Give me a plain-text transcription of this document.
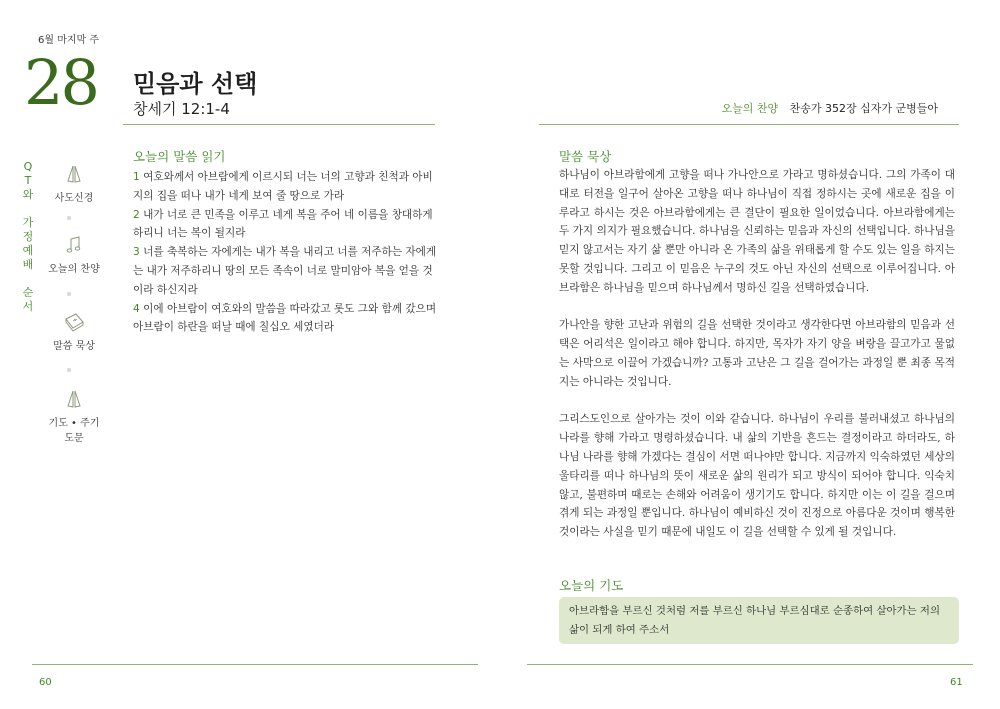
6월 마지막 주
28 믿음과 선택
창세기 12:1-4	오늘의 찬양 찬송가 352장 십자가 군병들아
Q
T
와
가
정
예
배
순
서
사도신경
오늘의 찬양
말씀 묵상
기도 • 주기도문
오늘의 말씀 읽기

1 여호와께서 아브람에게 이르시되 너는 너의 고향과 친척과 아비지의 집을 떠나 내가 네게 보여 줄 땅으로 가라

2 내가 너로 큰 민족을 이루고 네게 복을 주어 네 이름을 창대하게 하리니 너는 복이 될지라

3 너를 축복하는 자에게는 내가 복을 내리고 너를 저주하는 자에게는 내가 저주하리니 땅의 모든 족속이 너로 말미암아 복을 얻을 것이라 하신지라

4 이에 아브람이 여호와의 말씀을 따라갔고 롯도 그와 함께 갔으며 아브람이 하란을 떠날 때에 칠십오 세였더라

말씀 묵상

하나님이 아브라함에게 고향을 떠나 가나안으로 가라고 명하셨습니다. 그의 가족이 대대로 터전을 일구어 살아온 고향을 떠나 하나님이 직접 정하시는 곳에 새로운 집을 이루라고 하시는 것은 아브라함에게는 큰 결단이 필요한 일이었습니다. 아브라함에게는 두 가지 의지가 필요했습니다. 하나님을 신뢰하는 믿음과 자신의 선택입니다. 하나님을 믿지 않고서는 자기 삶 뿐만 아니라 온 가족의 삶을 위태롭게 할 수도 있는 일을 하지는 못할 것입니다. 그리고 이 믿음은 누구의 것도 아닌 자신의 선택으로 이루어집니다. 아브라함은 하나님을 믿으며 하나님께서 명하신 길을 선택하였습니다.

가나안을 향한 고난과 위험의 길을 선택한 것이라고 생각한다면 아브라함의 믿음과 선택은 어리석은 일이라고 해야 합니다. 하지만, 목자가 자기 양을 벼랑을 끌고가고 물없는 사막으로 이끌어 가겠습니까? 고통과 고난은 그 길을 걸어가는 과정일 뿐 최종 목적지는 아니라는 것입니다.

그리스도인으로 살아가는 것이 이와 같습니다. 하나님이 우리를 불러내셨고 하나님의 나라를 향해 가라고 명령하셨습니다. 내 삶의 기반을 흔드는 결정이라고 하더라도, 하나님 나라를 향해 가겠다는 결심이 서면 떠나야만 합니다. 지금까지 익숙하였던 세상의 울타리를 떠나 하나님의 뜻이 새로운 삶의 원리가 되고 방식이 되어야 합니다. 익숙치 않고, 불편하며 때로는 손해와 어려움이 생기기도 합니다. 하지만 이는 이 길을 걸으며 겪게 되는 과정일 뿐입니다. 하나님이 예비하신 것이 진정으로 아름다운 것이며 행복한 것이라는 사실을 믿기 때문에 내일도 이 길을 선택할 수 있게 될 것입니다.

오늘의 기도
아브라함을 부르신 것처럼 저를 부르신 하나님 부르심대로 순종하여 살아가는 저의 삶이 되게 하여 주소서
60	61
